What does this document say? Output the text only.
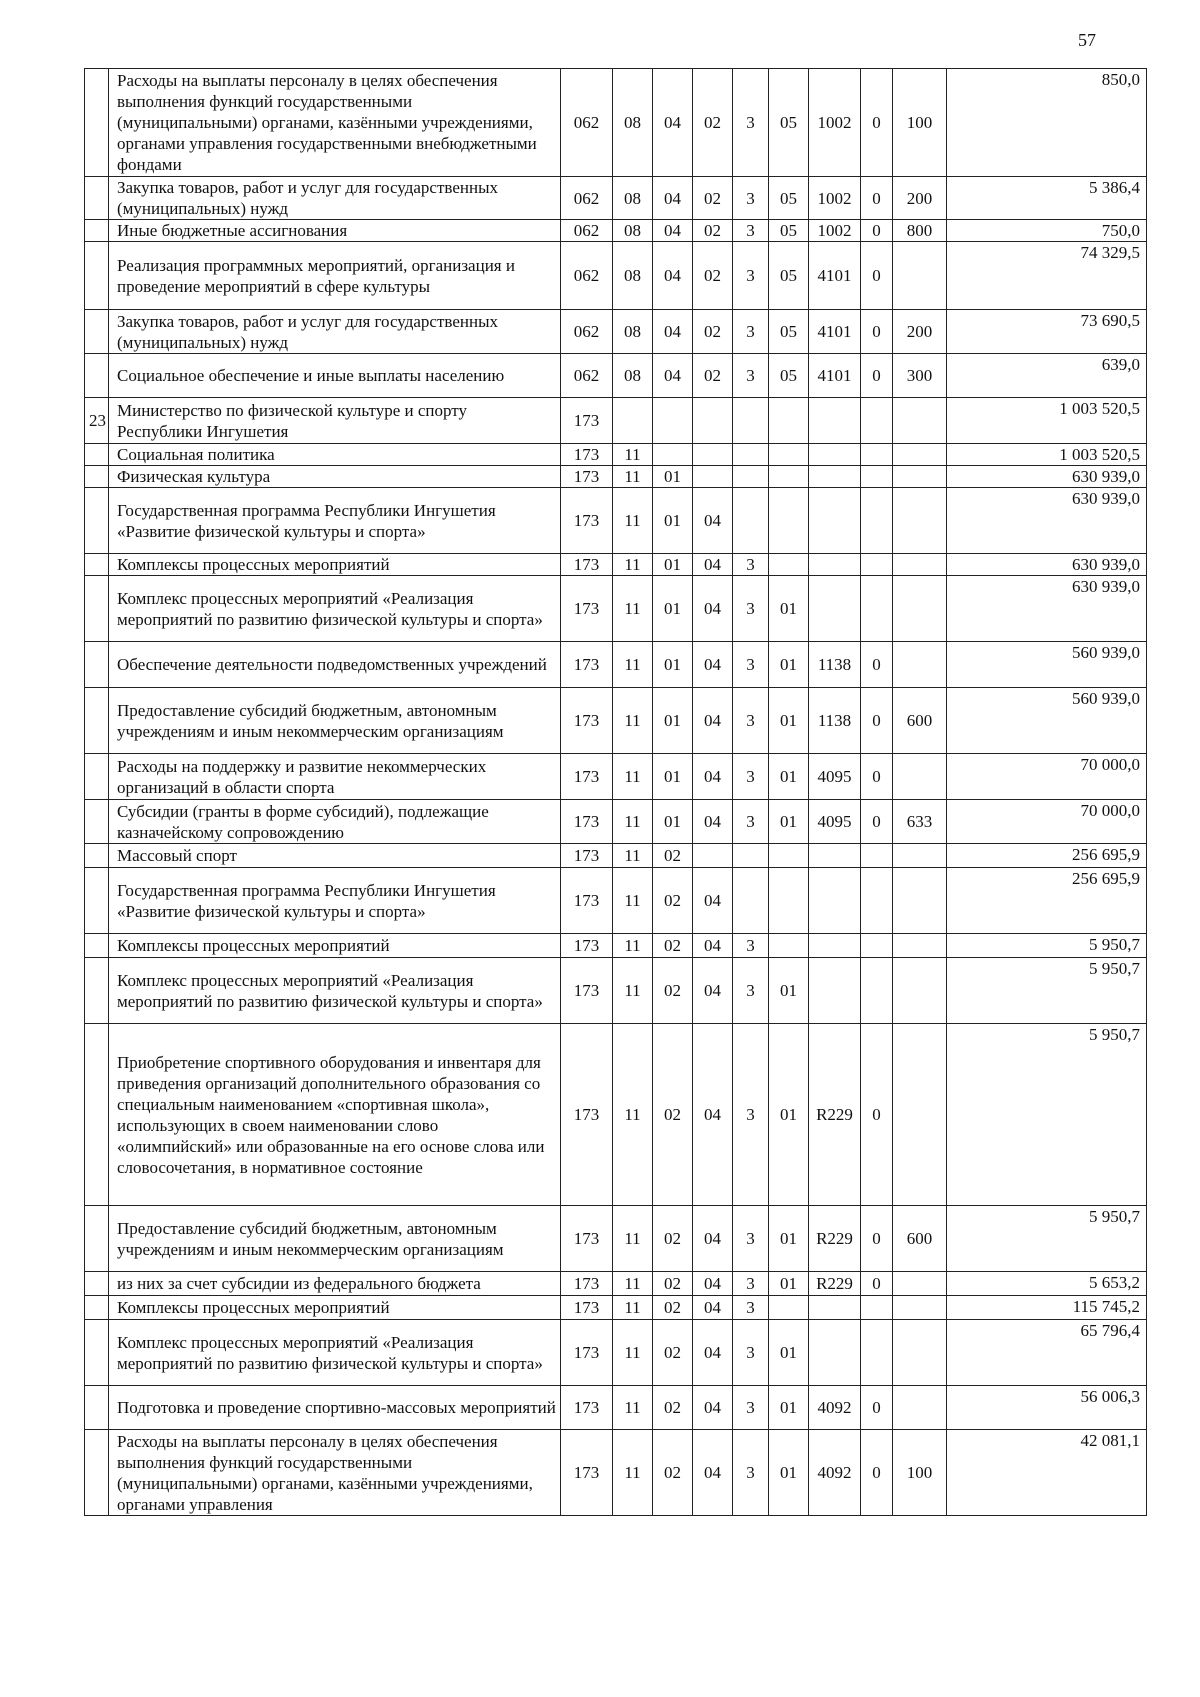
57
	Расходы на выплаты персоналу в целях обеспечения выполнения функций государственными (муниципальными) органами, казёнными учреждениями, органами управления государственными внебюджетными фондами	062	08	04	02	3	05	1002	0	100	850,0
	Закупка товаров, работ и услуг для государственных (муниципальных) нужд	062	08	04	02	3	05	1002	0	200	5 386,4
	Иные бюджетные ассигнования	062	08	04	02	3	05	1002	0	800	750,0
	Реализация программных мероприятий, организация и проведение мероприятий в сфере культуры	062	08	04	02	3	05	4101	0		74 329,5
	Закупка товаров, работ и услуг для государственных (муниципальных) нужд	062	08	04	02	3	05	4101	0	200	73 690,5
	Социальное обеспечение и иные выплаты населению	062	08	04	02	3	05	4101	0	300	639,0
23	Министерство по физической культуре и спорту Республики Ингушетия	173									1 003 520,5
	Социальная политика	173	11								1 003 520,5
	Физическая культура	173	11	01							630 939,0
	Государственная программа Республики Ингушетия «Развитие физической культуры и спорта»	173	11	01	04						630 939,0
	Комплексы процессных мероприятий	173	11	01	04	3					630 939,0
	Комплекс процессных мероприятий «Реализация мероприятий по развитию физической культуры и спорта»	173	11	01	04	3	01				630 939,0
	Обеспечение деятельности подведомственных учреждений	173	11	01	04	3	01	1138	0		560 939,0
	Предоставление субсидий бюджетным, автономным учреждениям и иным некоммерческим организациям	173	11	01	04	3	01	1138	0	600	560 939,0
	Расходы на поддержку и развитие некоммерческих организаций в области спорта	173	11	01	04	3	01	4095	0		70 000,0
	Субсидии (гранты в форме субсидий), подлежащие казначейскому сопровождению	173	11	01	04	3	01	4095	0	633	70 000,0
	Массовый спорт	173	11	02							256 695,9
	Государственная программа Республики Ингушетия «Развитие физической культуры и спорта»	173	11	02	04						256 695,9
	Комплексы процессных мероприятий	173	11	02	04	3					5 950,7
	Комплекс процессных мероприятий «Реализация мероприятий по развитию физической культуры и спорта»	173	11	02	04	3	01				5 950,7
	Приобретение спортивного оборудования и инвентаря для приведения организаций дополнительного образования со специальным наименованием «спортивная школа», использующих в своем наименовании слово «олимпийский» или образованные на его основе слова или словосочетания, в нормативное состояние	173	11	02	04	3	01	R229	0		5 950,7
	Предоставление субсидий бюджетным, автономным учреждениям и иным некоммерческим организациям	173	11	02	04	3	01	R229	0	600	5 950,7
	из них за счет субсидии из федерального бюджета	173	11	02	04	3	01	R229	0		5 653,2
	Комплексы процессных мероприятий	173	11	02	04	3					115 745,2
	Комплекс процессных мероприятий «Реализация мероприятий по развитию физической культуры и спорта»	173	11	02	04	3	01				65 796,4
	Подготовка и проведение спортивно-массовых мероприятий	173	11	02	04	3	01	4092	0		56 006,3
	Расходы на выплаты персоналу в целях обеспечения выполнения функций государственными (муниципальными) органами, казёнными учреждениями, органами управления	173	11	02	04	3	01	4092	0	100	42 081,1
